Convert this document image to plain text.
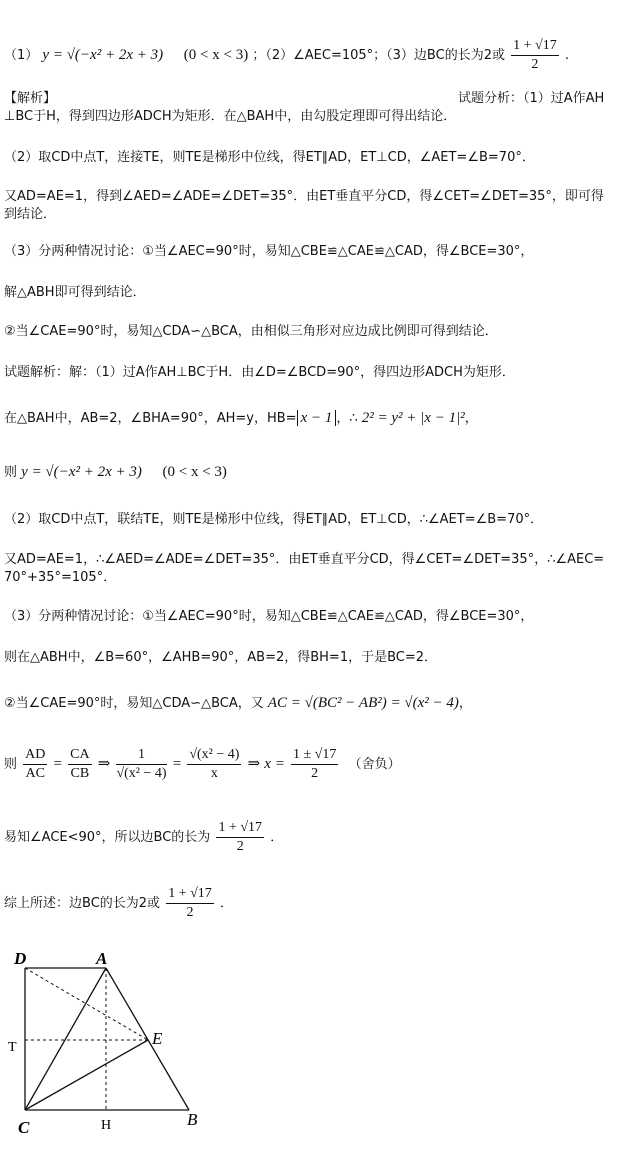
（1） y = √(−x² + 2x + 3) (0 < x < 3) ；（2）∠AEC=105°；（3）边BC的长为2或 $\frac{1 + √17}{2}$ .
【解析】	试题分析：（1）过A作AH
⊥BC于H，得到四边形ADCH为矩形．在△BAH中，由勾股定理即可得出结论．
（2）取CD中点T，连接TE，则TE是梯形中位线，得ET∥AD，ET⊥CD，∠AET=∠B=70°．
又AD=AE=1，得到∠AED=∠ADE=∠DET=35°．由ET垂直平分CD，得∠CET=∠DET=35°，即可得
到结论．
（3）分两种情况讨论：①当∠AEC=90°时，易知△CBE≌△CAE≌△CAD，得∠BCE=30°，
解△ABH即可得到结论．
②当∠CAE=90°时，易知△CDA∽△BCA，由相似三角形对应边成比例即可得到结论．
试题解析：解：（1）过A作AH⊥BC于H．由∠D=∠BCD=90°，得四边形ADCH为矩形．
在△BAH中，AB=2，∠BHA=90°，AH=y，HB= x − 1 ，∴ 2² = y² + |x − 1|²，
则 y = √(−x² + 2x + 3) (0 < x < 3)
（2）取CD中点T，联结TE，则TE是梯形中位线，得ET∥AD，ET⊥CD，∴∠AET=∠B=70°．
又AD=AE=1，∴∠AED=∠ADE=∠DET=35°．由ET垂直平分CD，得∠CET=∠DET=35°，∴∠AEC=
70°+35°=105°．
（3）分两种情况讨论：①当∠AEC=90°时，易知△CBE≌△CAE≌△CAD，得∠BCE=30°，
则在△ABH中，∠B=60°，∠AHB=90°，AB=2，得BH=1，于是BC=2．
②当∠CAE=90°时，易知△CDA∽△BCA，又 AC = √(BC² − AB²) = √(x² − 4)，
则 $\frac{AD}{AC} = \frac{CA}{CB}$ ⇒ $\frac{1}{\text{√(x² − 4)}} = \frac{\text{√(x² − 4)}}{x}$ ⇒ $x = \frac{1 \pm √17}{2}$ （舍负）
易知∠ACE<90°，所以边BC的长为 $\frac{1 + √17}{2}$ ．
综上所述：边BC的长为2或 $\frac{1 + √17}{2}$ ．
D	A
T	E
C	H	B
